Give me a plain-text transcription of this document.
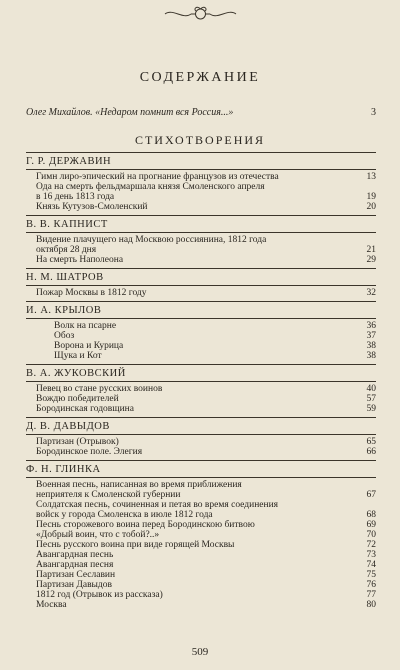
СОДЕРЖАНИЕ
Олег Михайлов. «Недаром помнит вся Россия...»	3
СТИХОТВОРЕНИЯ
Г. Р. ДЕРЖАВИН
Гимн лиро-эпический на прогнание французов из отечества	13
Ода на смерть фельдмаршала князя Смоленского апреля
в 16 день 1813 года	19
Князь Кутузов-Смоленский	20
В. В. КАПНИСТ
Видение плачущего над Москвою россиянина, 1812 года
октября 28 дня	21
На смерть Наполеона	29
Н. М. ШАТРОВ
Пожар Москвы в 1812 году	32
И. А. КРЫЛОВ
Волк на псарне	36
Обоз	37
Ворона и Курица	38
Щука и Кот	38
В. А. ЖУКОВСКИЙ
Певец во стане русских воинов	40
Вождю победителей	57
Бородинская годовщина	59
Д. В. ДАВЫДОВ
Партизан (Отрывок)	65
Бородинское поле. Элегия	66
Ф. Н. ГЛИНКА
Военная песнь, написанная во время приближения
неприятеля к Смоленской губернии	67
Солдатская песнь, сочиненная и петая во время соединения
войск у города Смоленска в июле 1812 года	68
Песнь сторожевого воина перед Бородинскою битвою	69
«Добрый воин, что с тобой?..»	70
Песнь русского воина при виде горящей Москвы	72
Авангардная песнь	73
Авангардная песня	74
Партизан Сеславин	75
Партизан Давыдов	76
1812 год (Отрывок из рассказа)	77
Москва	80
509
